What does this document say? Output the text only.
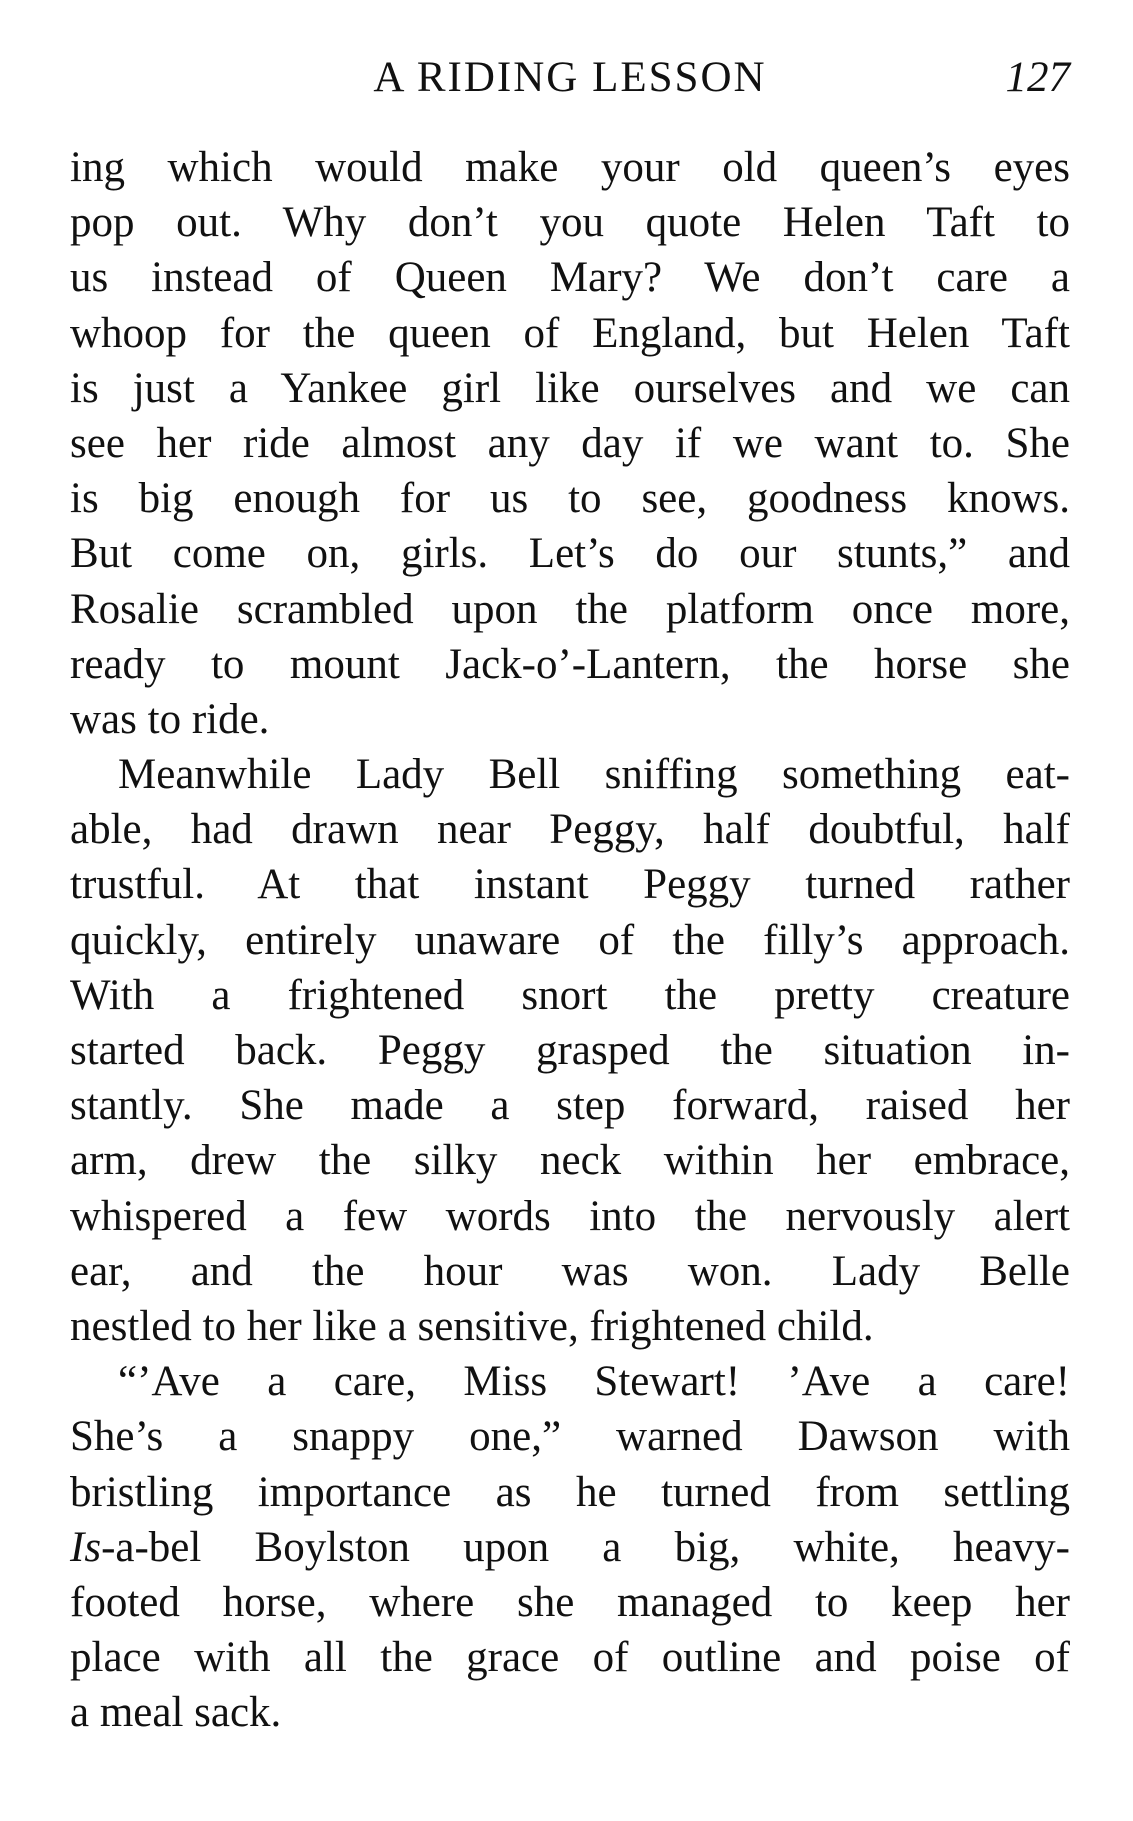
A RIDING LESSON	127
ing which would make your old queen’s eyes
pop out. Why don’t you quote Helen Taft to
us instead of Queen Mary? We don’t care a
whoop for the queen of England, but Helen Taft
is just a Yankee girl like ourselves and we can
see her ride almost any day if we want to. She
is big enough for us to see, goodness knows.
But come on, girls. Let’s do our stunts,” and
Rosalie scrambled upon the platform once more,
ready to mount Jack-o’-Lantern, the horse she
was to ride.
Meanwhile Lady Bell sniffing something eat-
able, had drawn near Peggy, half doubtful, half
trustful. At that instant Peggy turned rather
quickly, entirely unaware of the filly’s approach.
With a frightened snort the pretty creature
started back. Peggy grasped the situation in-
stantly. She made a step forward, raised her
arm, drew the silky neck within her embrace,
whispered a few words into the nervously alert
ear, and the hour was won. Lady Belle
nestled to her like a sensitive, frightened child.
“’Ave a care, Miss Stewart! ’Ave a care!
She’s a snappy one,” warned Dawson with
bristling importance as he turned from settling
Is-a-bel Boylston upon a big, white, heavy-
footed horse, where she managed to keep her
place with all the grace of outline and poise of
a meal sack.
